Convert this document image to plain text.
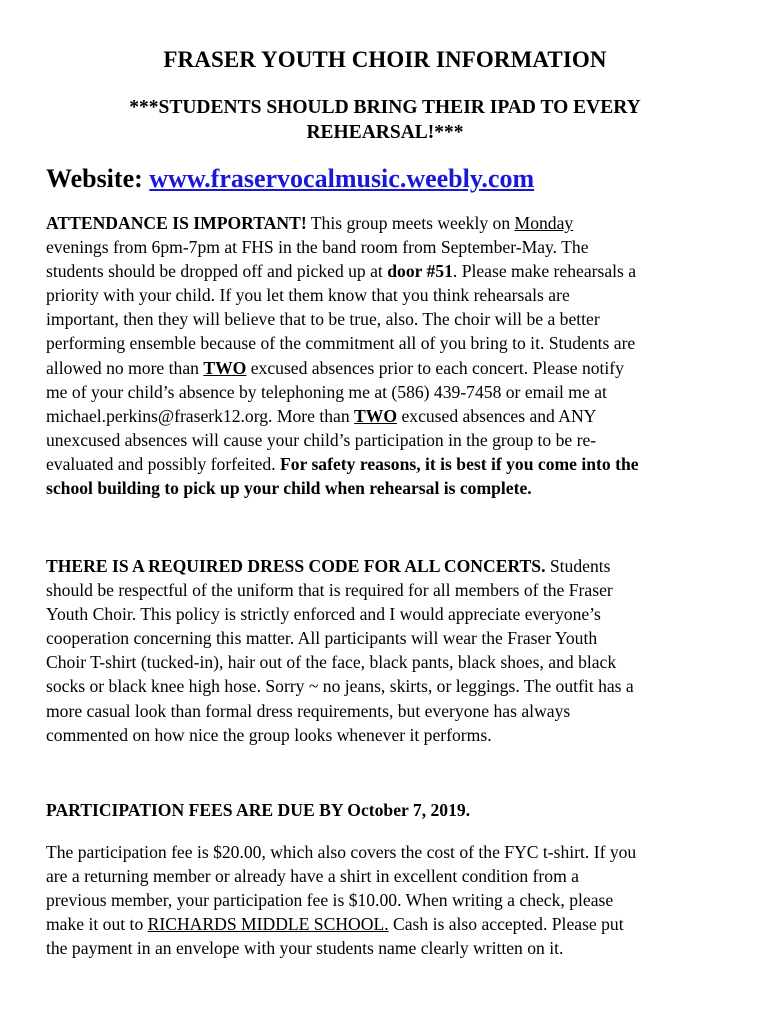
FRASER YOUTH CHOIR INFORMATION
***STUDENTS SHOULD BRING THEIR IPAD TO EVERY REHEARSAL!***
Website: www.fraservocalmusic.weebly.com
ATTENDANCE IS IMPORTANT! This group meets weekly on Monday
evenings from 6pm-7pm at FHS in the band room from September-May. The
students should be dropped off and picked up at door #51. Please make rehearsals a
priority with your child. If you let them know that you think rehearsals are
important, then they will believe that to be true, also. The choir will be a better
performing ensemble because of the commitment all of you bring to it. Students are
allowed no more than TWO excused absences prior to each concert. Please notify
me of your child’s absence by telephoning me at (586) 439-7458 or email me at
michael.perkins@fraserk12.org. More than TWO excused absences and ANY
unexcused absences will cause your child’s participation in the group to be re-
evaluated and possibly forfeited. For safety reasons, it is best if you come into the
school building to pick up your child when rehearsal is complete.
THERE IS A REQUIRED DRESS CODE FOR ALL CONCERTS. Students
should be respectful of the uniform that is required for all members of the Fraser
Youth Choir. This policy is strictly enforced and I would appreciate everyone’s
cooperation concerning this matter. All participants will wear the Fraser Youth
Choir T-shirt (tucked-in), hair out of the face, black pants, black shoes, and black
socks or black knee high hose. Sorry ~ no jeans, skirts, or leggings. The outfit has a
more casual look than formal dress requirements, but everyone has always
commented on how nice the group looks whenever it performs.
PARTICIPATION FEES ARE DUE BY October 7, 2019.
The participation fee is $20.00, which also covers the cost of the FYC t-shirt. If you
are a returning member or already have a shirt in excellent condition from a
previous member, your participation fee is $10.00. When writing a check, please
make it out to RICHARDS MIDDLE SCHOOL. Cash is also accepted. Please put
the payment in an envelope with your students name clearly written on it.
